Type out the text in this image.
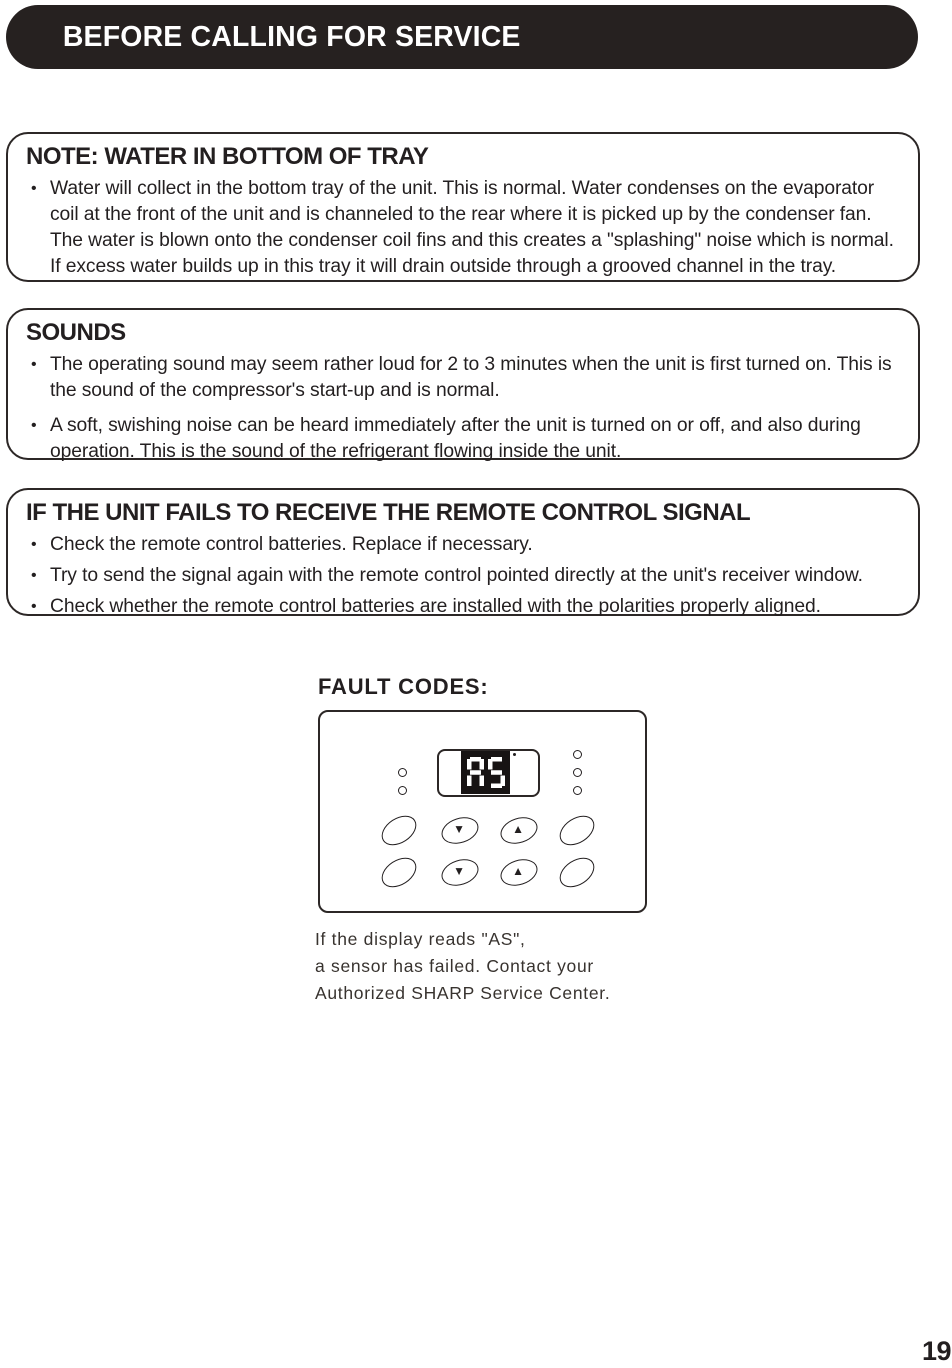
BEFORE CALLING FOR SERVICE
NOTE: WATER IN BOTTOM OF TRAY
• Water will collect in the bottom tray of the unit. This is normal. Water condenses on the evaporator coil at the front of the unit and is channeled to the rear where it is picked up by the condenser fan. The water is blown onto the condenser coil fins and this creates a "splashing" noise which is normal. If excess water builds up in this tray it will drain outside through a grooved channel in the tray.
SOUNDS
• The operating sound may seem rather loud for 2 to 3 minutes when the unit is first turned on. This is the sound of the compressor's start-up and is normal.
• A soft, swishing noise can be heard immediately after the unit is turned on or off, and also during operation. This is the sound of the refrigerant flowing inside the unit.
IF THE UNIT FAILS TO RECEIVE THE REMOTE CONTROL SIGNAL
• Check the remote control batteries. Replace if necessary.
• Try to send the signal again with the remote control pointed directly at the unit's receiver window.
• Check whether the remote control batteries are installed with the polarities properly aligned.
FAULT CODES:
▼	▲
▼	▲
If the display reads "AS",
a sensor has failed. Contact your
Authorized SHARP Service Center.
19
